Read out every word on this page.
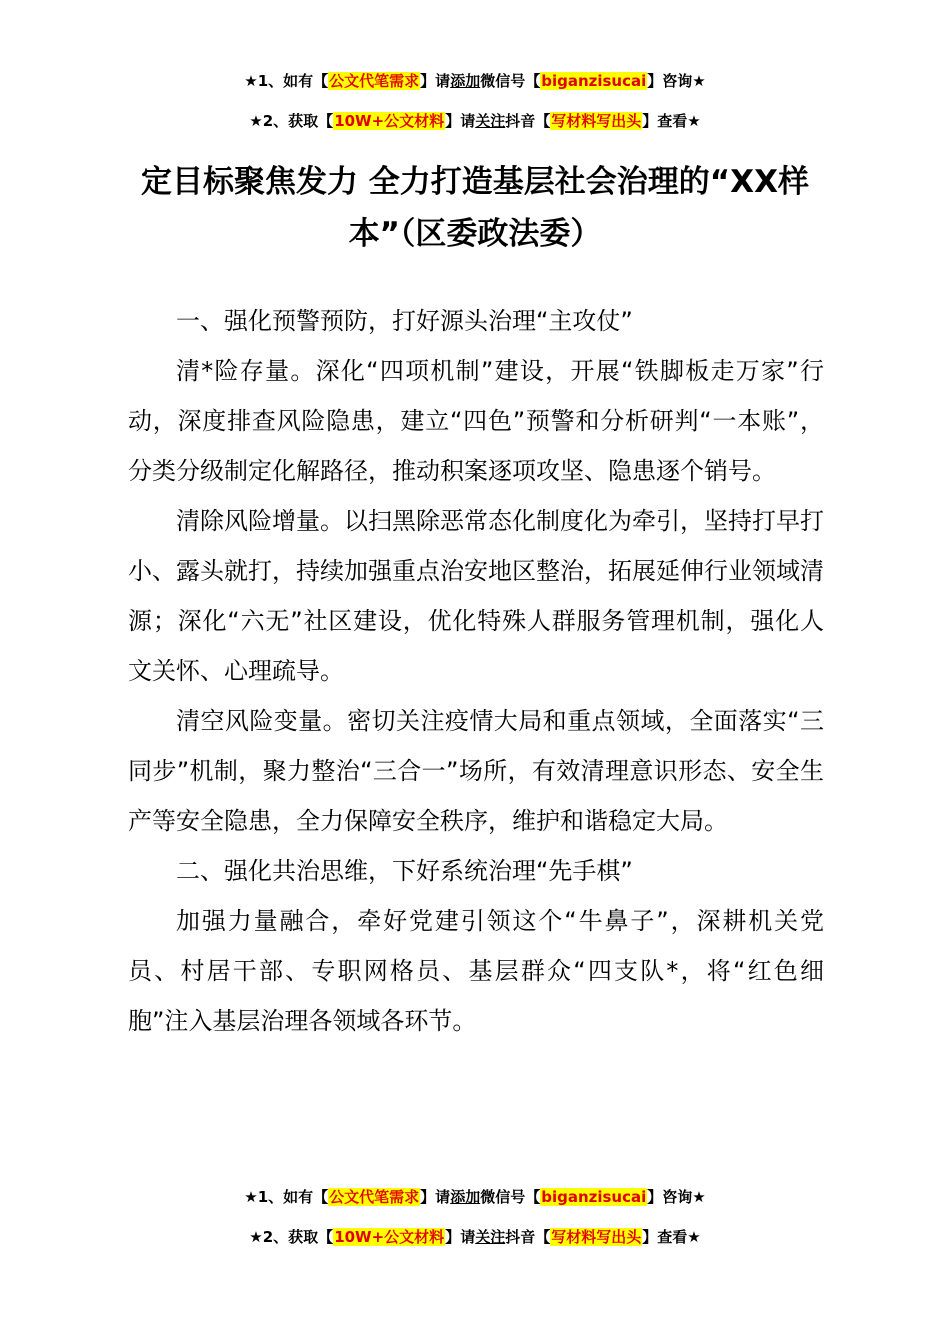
★1、如有【公文代笔需求】请添加微信号【biganzisucai】咨询★
★2、获取【10W+公文材料】请关注抖音【写材料写出头】查看★
定目标聚焦发力 全力打造基层社会治理的“XX样本”（区委政法委）

一、强化预警预防，打好源头治理“主攻仗”

清*险存量。深化“四项机制”建设，开展“铁脚板走万家”行动，深度排查风险隐患，建立“四色”预警和分析研判“一本账”，分类分级制定化解路径，推动积案逐项攻坚、隐患逐个销号。

清除风险增量。以扫黑除恶常态化制度化为牵引，坚持打早打小、露头就打，持续加强重点治安地区整治，拓展延伸行业领域清源；深化“六无”社区建设，优化特殊人群服务管理机制，强化人文关怀、心理疏导。

清空风险变量。密切关注疫情大局和重点领域，全面落实“三同步”机制，聚力整治“三合一”场所，有效清理意识形态、安全生产等安全隐患，全力保障安全秩序，维护和谐稳定大局。

二、强化共治思维，下好系统治理“先手棋”

加强力量融合，牵好党建引领这个“牛鼻子”，深耕机关党员、村居干部、专职网格员、基层群众“四支队*，将“红色细胞”注入基层治理各领域各环节。

★1、如有【公文代笔需求】请添加微信号【biganzisucai】咨询★
★2、获取【10W+公文材料】请关注抖音【写材料写出头】查看★
